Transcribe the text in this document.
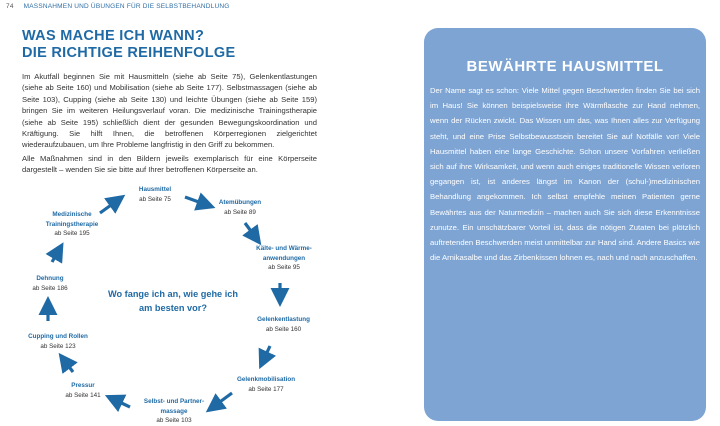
74 MASSNAHMEN UND ÜBUNGEN FÜR DIE SELBSTBEHANDLUNG
WAS MACHE ICH WANN?
DIE RICHTIGE REIHENFOLGE

Im Akutfall beginnen Sie mit Hausmitteln (siehe ab Seite 75), Gelenkentlastungen (siehe ab Seite 160) und Mobilisation (siehe ab Seite 177). Selbstmassagen (siehe ab Seite 103), Cupping (siehe ab Seite 130) und leichte Übungen (siehe ab Seite 159) bringen Sie im weiteren Heilungsverlauf voran. Die medizinische Trainingstherapie (siehe ab Seite 195) schließlich dient der gesunden Bewegungskoordination und Kräftigung. Sie hilft Ihnen, die betroffenen Körperregionen zielgerichtet wiederaufzubauen, um Ihre Probleme langfristig in den Griff zu bekommen.

Alle Maßnahmen sind in den Bildern jeweils exemplarisch für eine Körperseite dargestellt – wenden Sie sie bitte auf Ihrer betroffenen Körperseite an.

Hausmittel
ab Seite 75	Atemübungen
ab Seite 89
Kälte- und Wärme-
anwendungen
ab Seite 95
Gelenkentlastung
ab Seite 160
Gelenkmobilisation
ab Seite 177
Selbst- und Partner-
massage
ab Seite 103
Pressur
ab Seite 141
Cupping und Rollen
ab Seite 123
Dehnung
ab Seite 186
Medizinische
Trainingstherapie
ab Seite 195
Wo fange ich an, wie gehe ich
am besten vor?
BEWÄHRTE HAUSMITTEL

Der Name sagt es schon: Viele Mittel gegen Beschwerden finden Sie bei sich im Haus! Sie können beispielsweise ihre Wärmflasche zur Hand nehmen, wenn der Rücken zwickt. Das Wissen um das, was Ihnen alles zur Verfügung steht, und eine Prise Selbstbewusstsein bereitet Sie auf Notfälle vor! Viele Hausmittel haben eine lange Geschichte. Schon unsere Vorfahren verließen sich auf ihre Wirksamkeit, und wenn auch einiges traditionelle Wissen verloren gegangen ist, ist anderes längst im Kanon der (schul-)medizinischen Behandlung angekommen. Ich selbst empfehle meinen Patienten gerne Bewährtes aus der Naturmedizin – machen auch Sie sich diese Erkenntnisse zunutze. Ein unschätzbarer Vorteil ist, dass die nötigen Zutaten bei plötzlich auftretenden Beschwerden meist unmittelbar zur Hand sind. Andere Basics wie die Arnikasalbe und das Zirbenkissen lohnen es, nach und nach anzuschaffen.
